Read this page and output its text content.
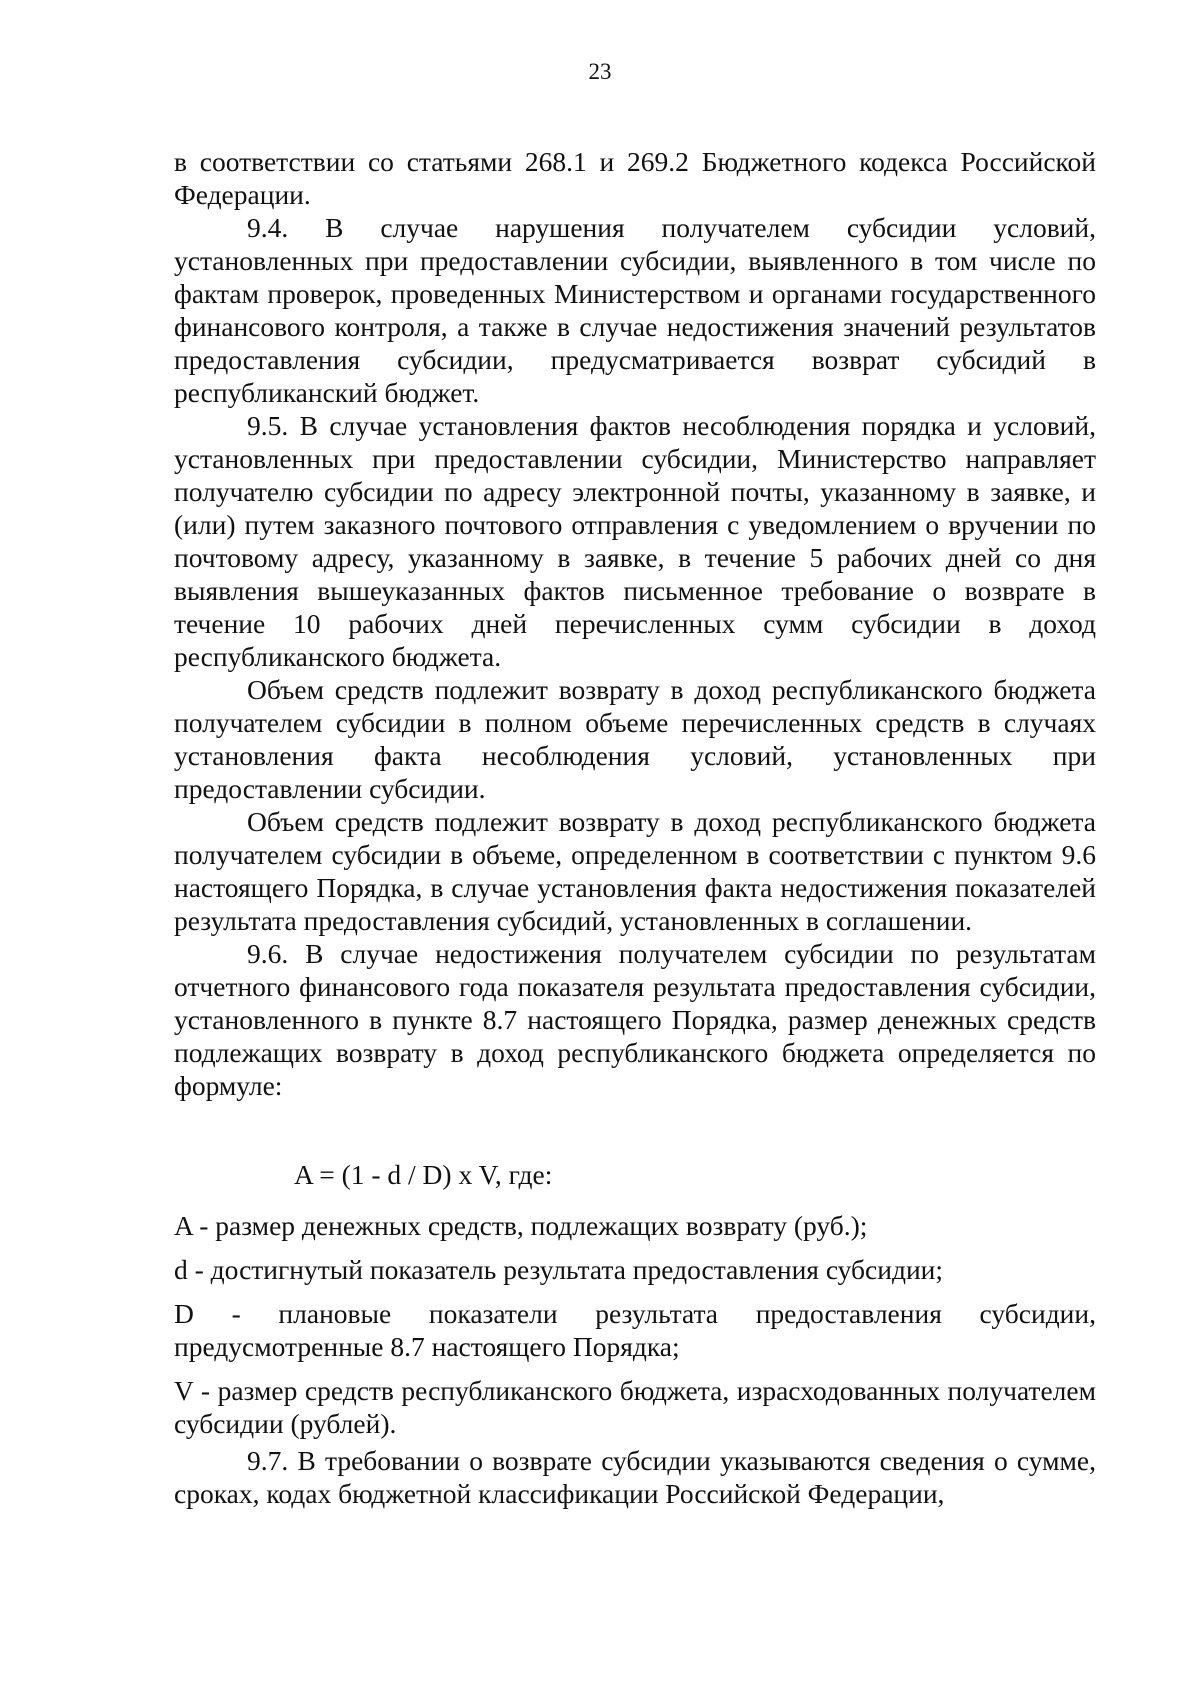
23

в соответствии со статьями 268.1 и 269.2 Бюджетного кодекса Российской Федерации.

9.4. В случае нарушения получателем субсидии условий, установленных при предоставлении субсидии, выявленного в том числе по фактам проверок, проведенных Министерством и органами государственного финансового контроля, а также в случае недостижения значений результатов предоставления субсидии, предусматривается возврат субсидий в республиканский бюджет.

9.5. В случае установления фактов несоблюдения порядка и условий, установленных при предоставлении субсидии, Министерство направляет получателю субсидии по адресу электронной почты, указанному в заявке, и (или) путем заказного почтового отправления с уведомлением о вручении по почтовому адресу, указанному в заявке, в течение 5 рабочих дней со дня выявления вышеуказанных фактов письменное требование о возврате в течение 10 рабочих дней перечисленных сумм субсидии в доход республиканского бюджета.

Объем средств подлежит возврату в доход республиканского бюджета получателем субсидии в полном объеме перечисленных средств в случаях установления факта несоблюдения условий, установленных при предоставлении субсидии.

Объем средств подлежит возврату в доход республиканского бюджета получателем субсидии в объеме, определенном в соответствии с пунктом 9.6 настоящего Порядка, в случае установления факта недостижения показателей результата предоставления субсидий, установленных в соглашении.

9.6. В случае недостижения получателем субсидии по результатам отчетного финансового года показателя результата предоставления субсидии, установленного в пункте 8.7 настоящего Порядка, размер денежных средств подлежащих возврату в доход республиканского бюджета определяется по формуле:

A = (1 - d / D) x V, где:

A - размер денежных средств, подлежащих возврату (руб.);

d - достигнутый показатель результата предоставления субсидии;

D - плановые показатели результата предоставления субсидии, предусмотренные 8.7 настоящего Порядка;

V - размер средств республиканского бюджета, израсходованных получателем субсидии (рублей).

9.7. В требовании о возврате субсидии указываются сведения о сумме, сроках, кодах бюджетной классификации Российской Федерации,
